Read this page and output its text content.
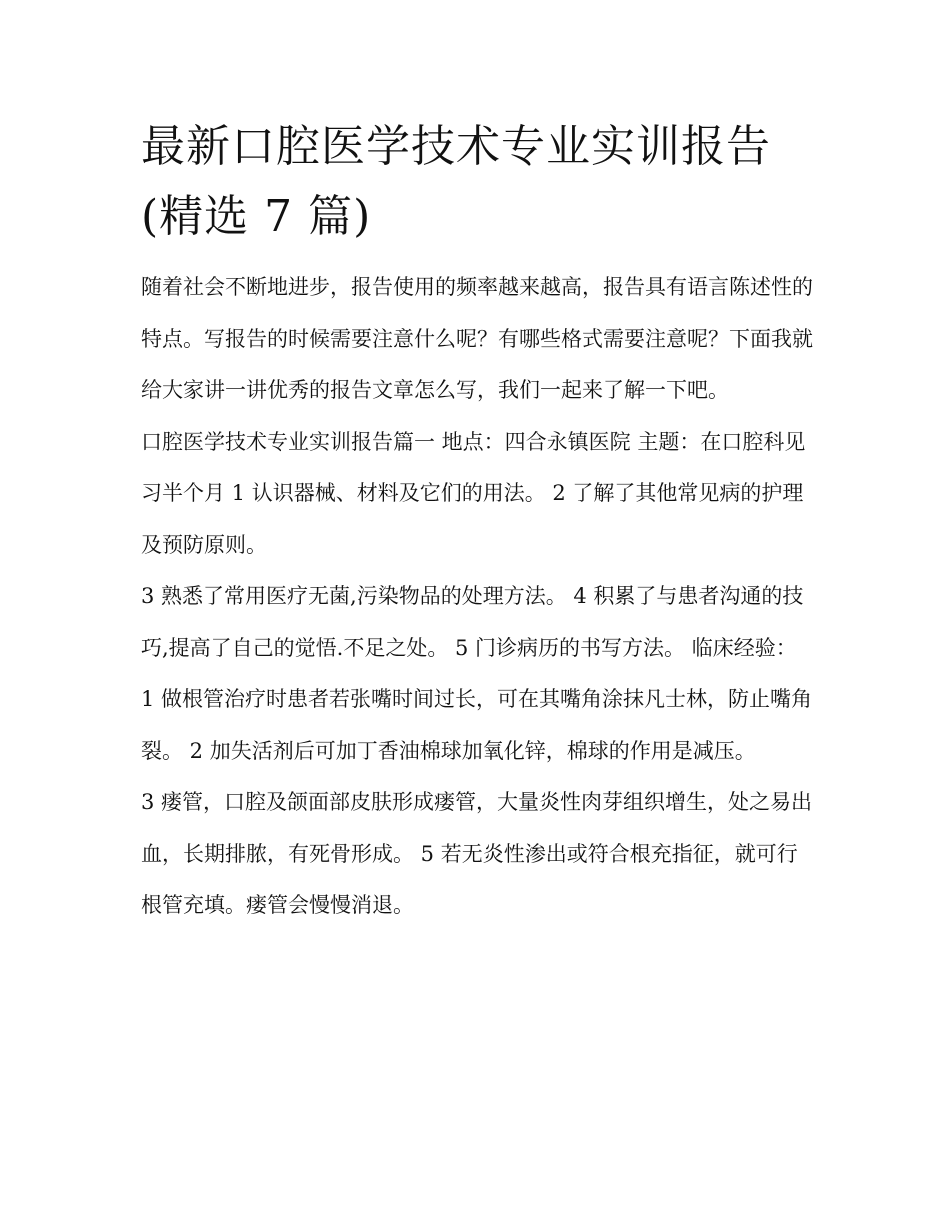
最新口腔医学技术专业实训报告(精选 7 篇)

随着社会不断地进步，报告使用的频率越来越高，报告具有语言陈述性的特点。写报告的时候需要注意什么呢？有哪些格式需要注意呢？下面我就给大家讲一讲优秀的报告文章怎么写，我们一起来了解一下吧。

口腔医学技术专业实训报告篇一 地点：四合永镇医院 主题：在口腔科见习半个月 1 认识器械、材料及它们的用法。 2 了解了其他常见病的护理及预防原则。

3 熟悉了常用医疗无菌,污染物品的处理方法。 4 积累了与患者沟通的技巧,提高了自己的觉悟.不足之处。 5 门诊病历的书写方法。 临床经验：

1 做根管治疗时患者若张嘴时间过长，可在其嘴角涂抹凡士林，防止嘴角裂。 2 加失活剂后可加丁香油棉球加氧化锌，棉球的作用是减压。

3 瘘管，口腔及颌面部皮肤形成瘘管，大量炎性肉芽组织增生，处之易出血，长期排脓，有死骨形成。 5 若无炎性渗出或符合根充指征，就可行根管充填。瘘管会慢慢消退。
